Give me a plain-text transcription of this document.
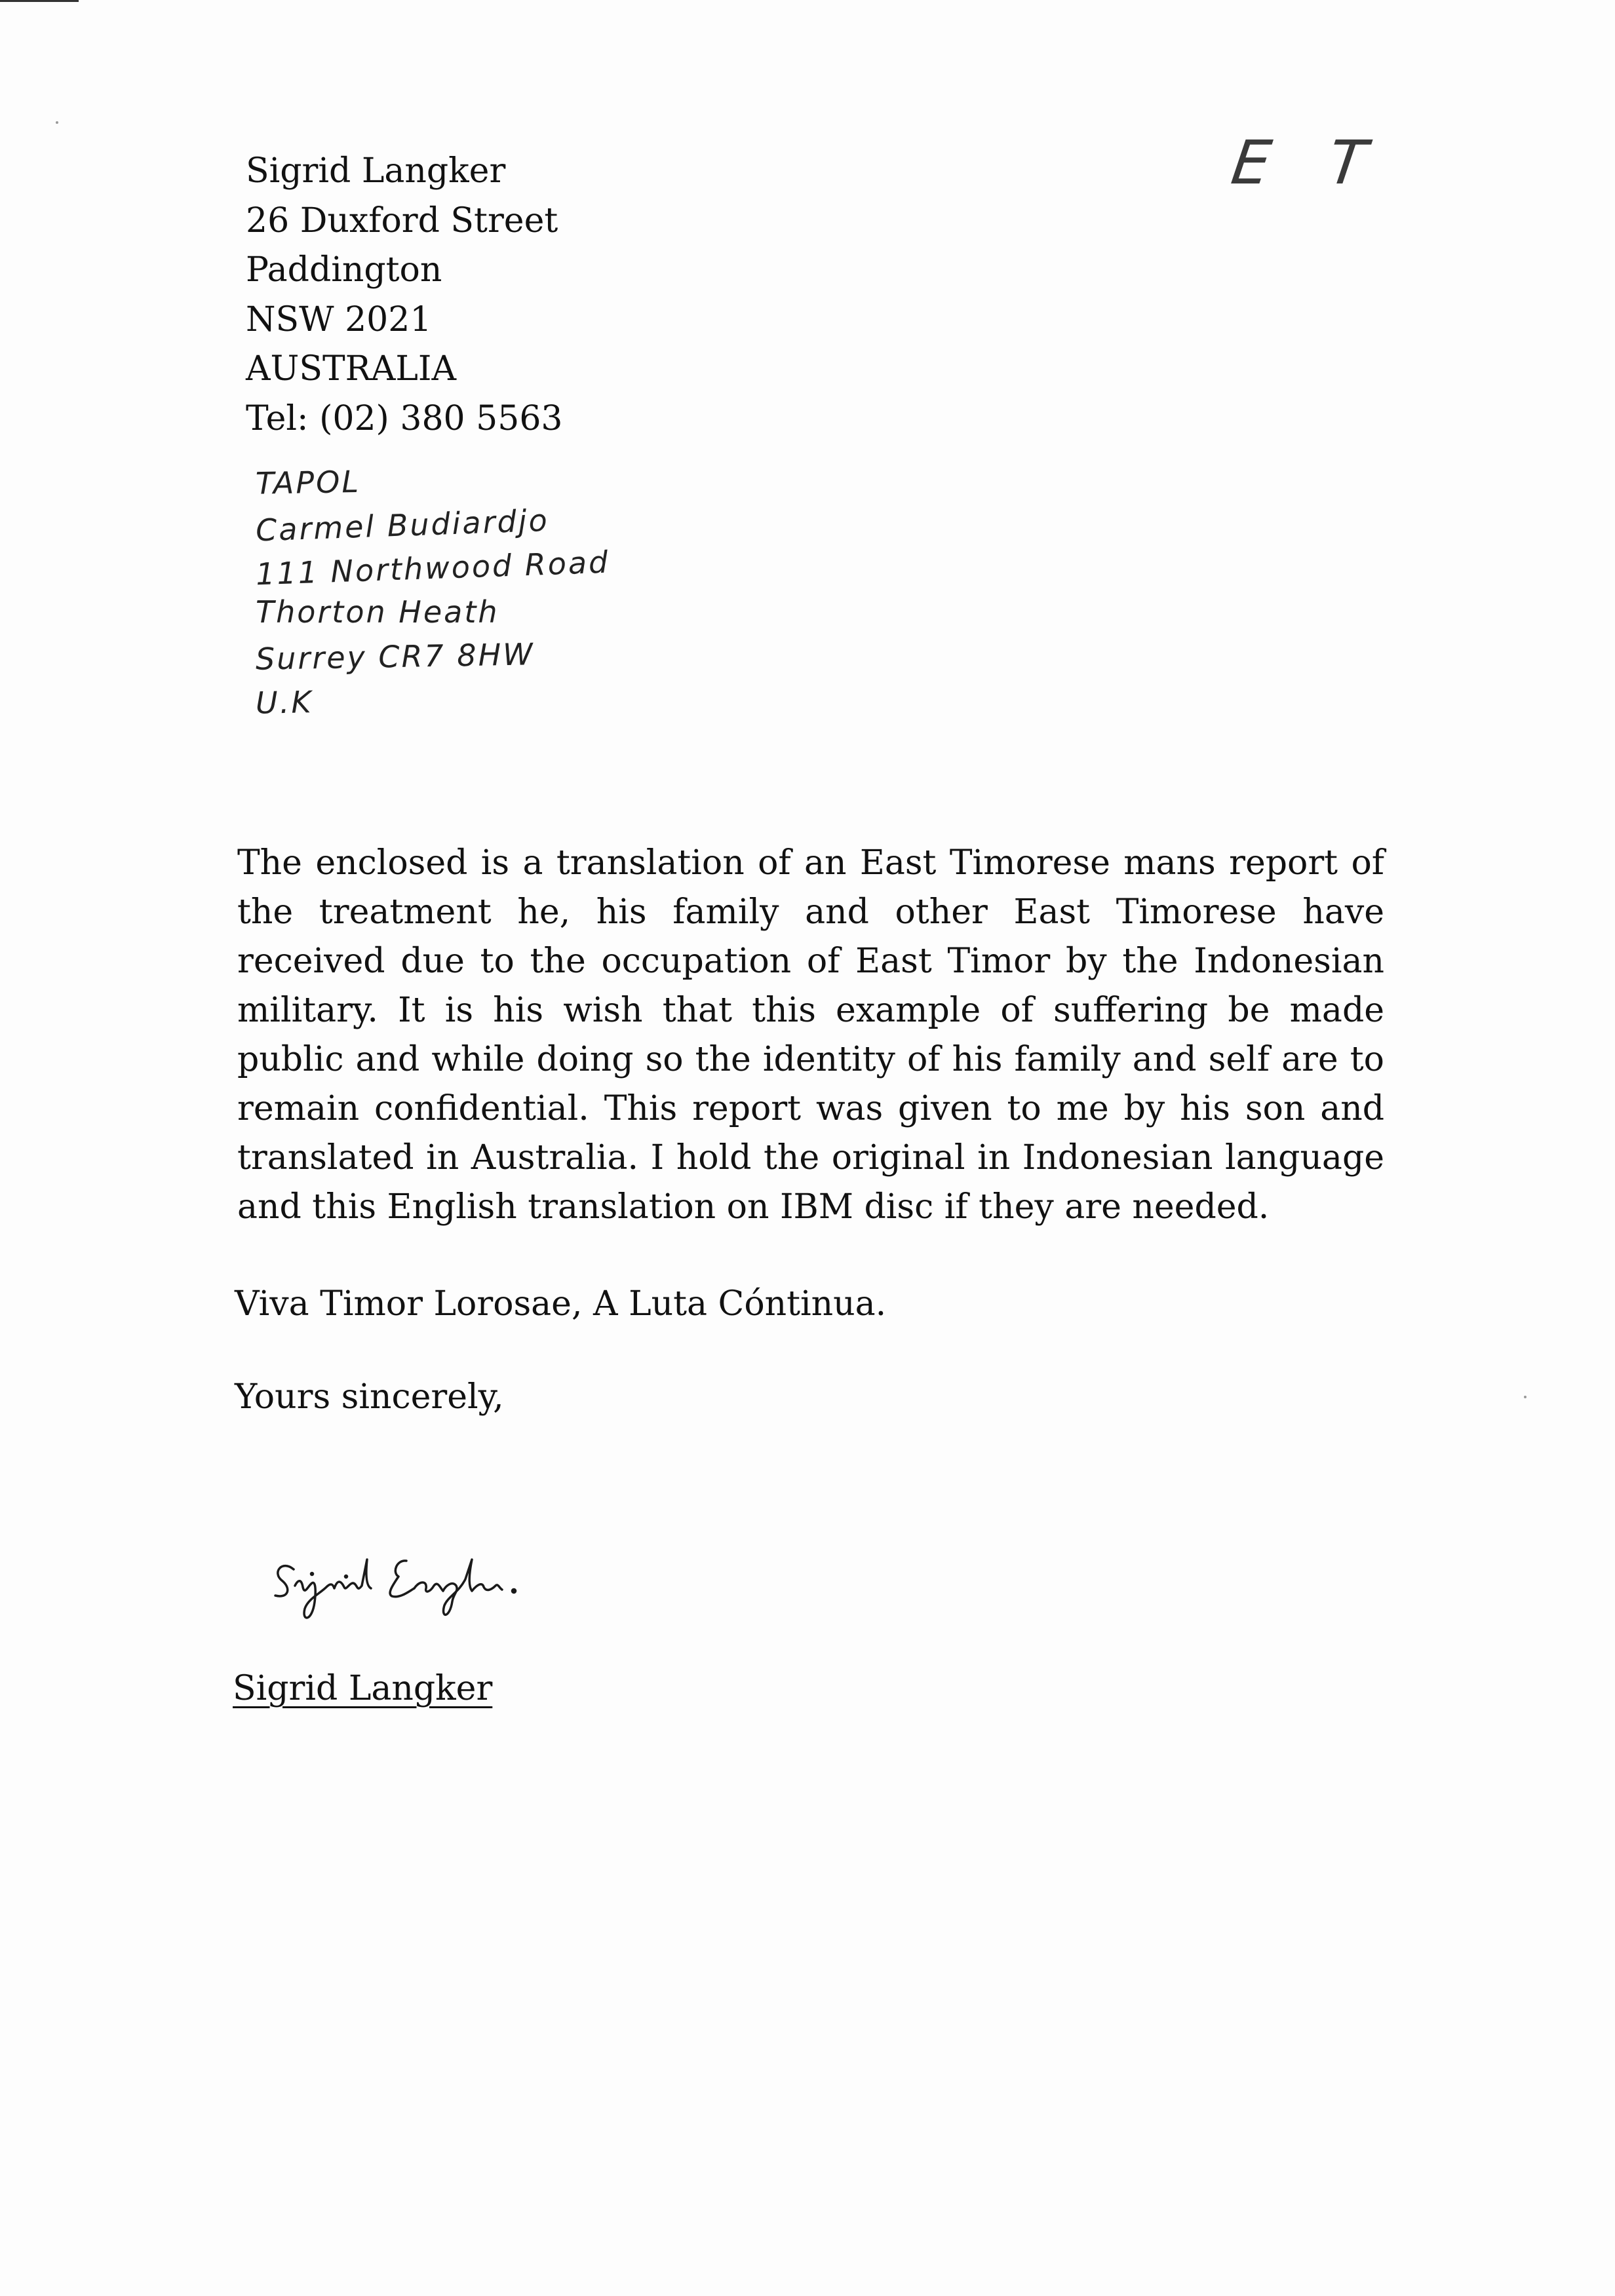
E T
Sigrid Langker
26 Duxford Street
Paddington
NSW 2021
AUSTRALIA
Tel: (02) 380 5563
TAPOL
Carmel Budiardjo
111 Northwood Road
Thorton Heath
Surrey CR7 8HW
U.K
The enclosed is a translation of an East Timorese mans report of the treatment he, his family and other East Timorese have received due to the occupation of East Timor by the Indonesian military. It is his wish that this example of suffering be made public and while doing so the identity of his family and self are to remain confidential. This report was given to me by his son and translated in Australia. I hold the original in Indonesian language and this English translation on IBM disc if they are needed.
Viva Timor Lorosae, A Luta Cóntinua.
Yours sincerely,
Sigrid Langker
